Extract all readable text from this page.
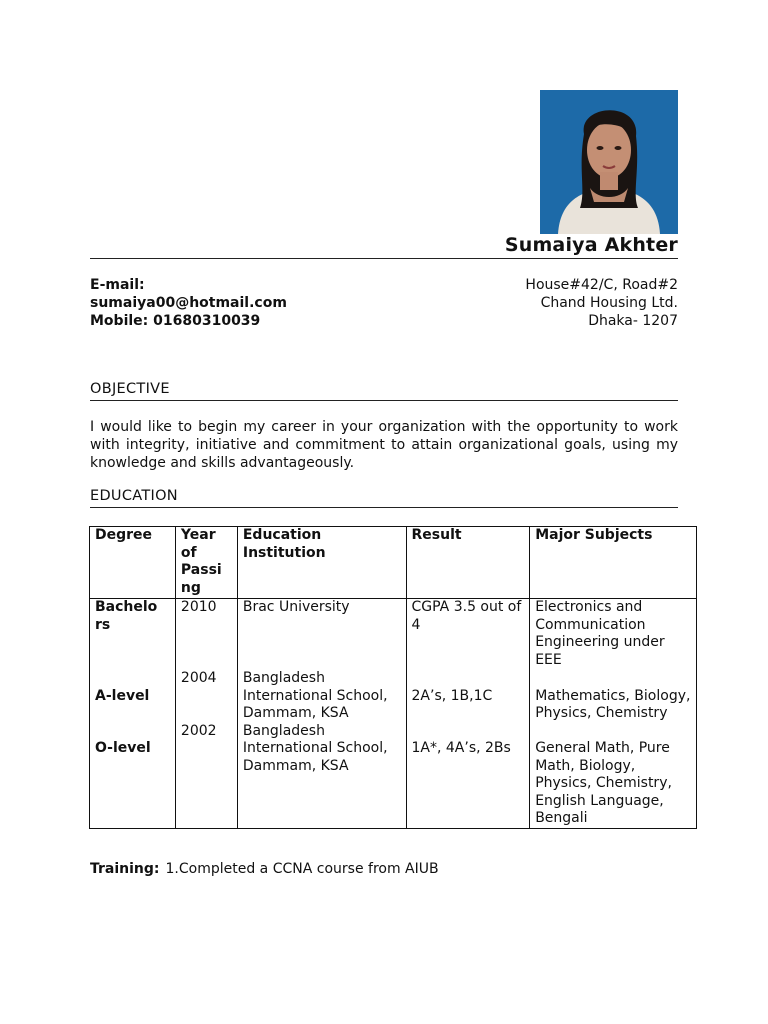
Sumaiya Akhter
E-mail:
sumaiya00@hotmail.com
Mobile: 01680310039
House#42/C, Road#2
Chand Housing Ltd.
Dhaka- 1207
OBJECTIVE
I would like to begin my career in your organization with the opportunity to work with integrity, initiative and commitment to attain organizational goals, using my knowledge and skills advantageously.
EDUCATION
Degree	Year
of
Passi
ng	Education
Institution	Result	Major Subjects
Bachelo
rs	2010	Brac University	CGPA 3.5 out of 4	Electronics and Communication Engineering under EEE
A-level	2004	Bangladesh International School, Dammam, KSA	2A’s, 1B,1C	Mathematics, Biology, Physics, Chemistry
O-level	2002	Bangladesh International School, Dammam, KSA	1A*, 4A’s, 2Bs	General Math, Pure Math, Biology, Physics, Chemistry, English Language, Bengali
Training: 1.Completed a CCNA course from AIUB
